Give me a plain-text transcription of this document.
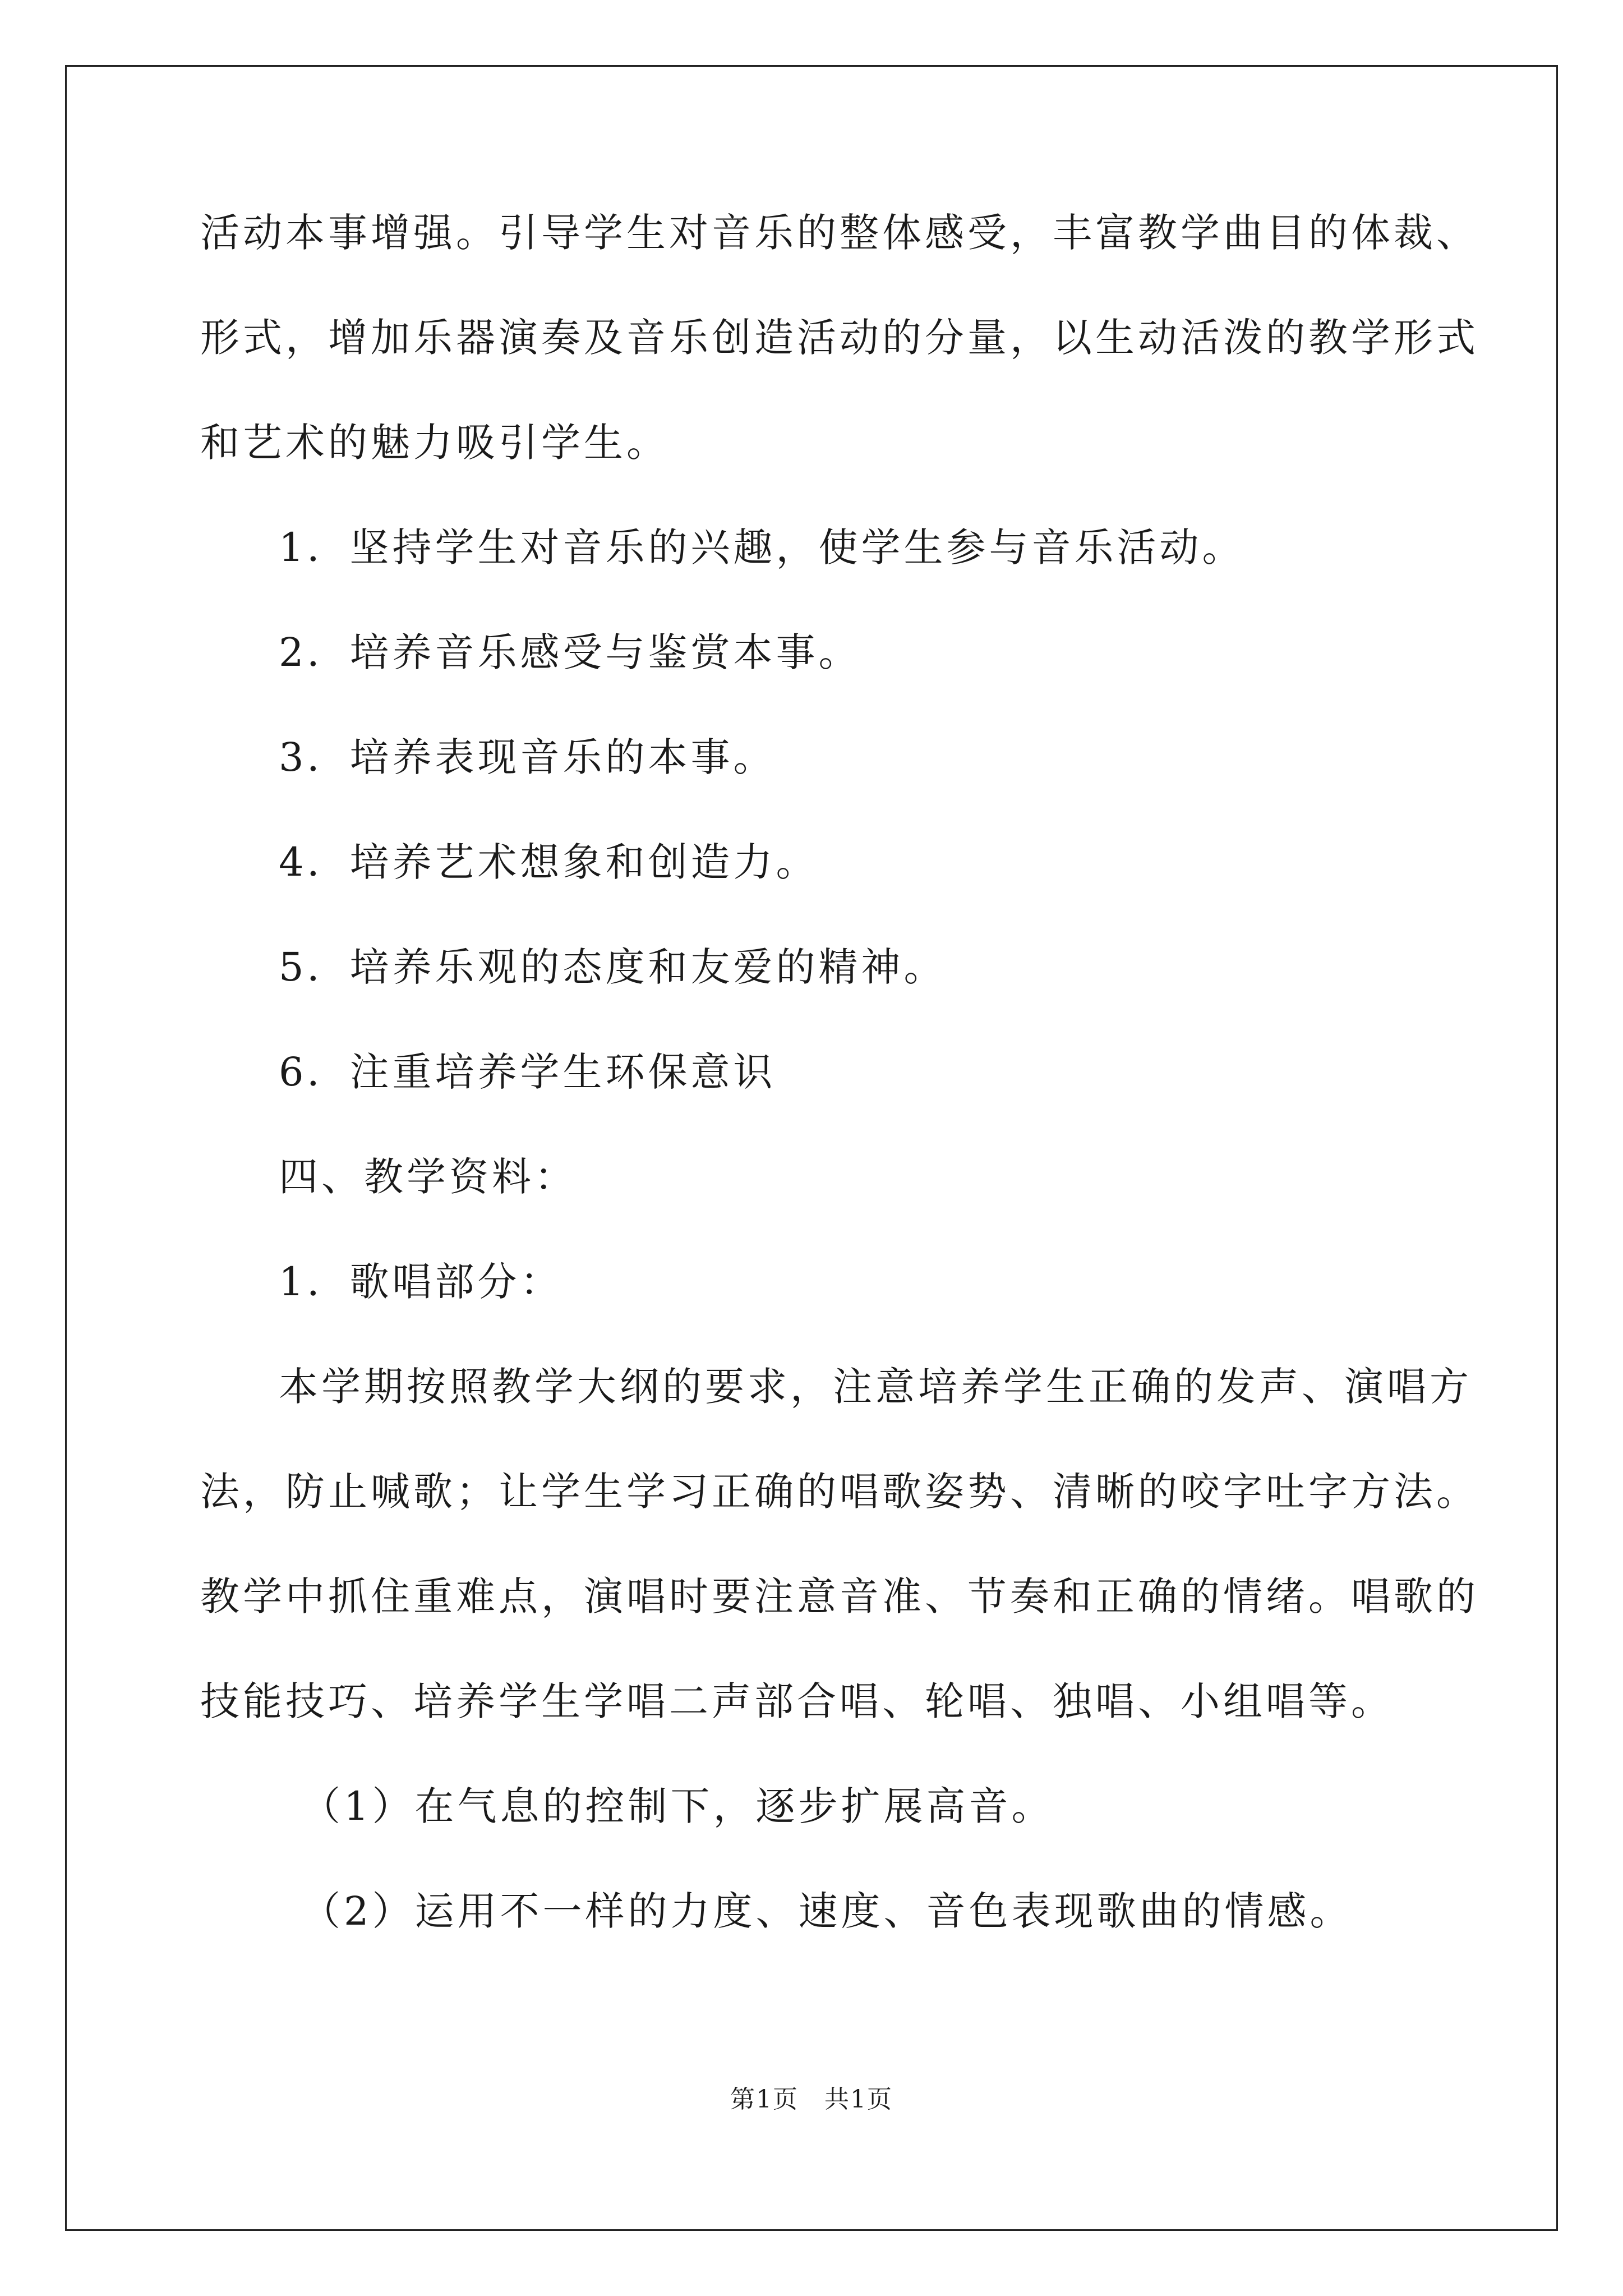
活动本事增强。引导学生对音乐的整体感受，丰富教学曲目的体裁、
形式，增加乐器演奏及音乐创造活动的分量，以生动活泼的教学形式
和艺术的魅力吸引学生。
1．坚持学生对音乐的兴趣，使学生参与音乐活动。
2．培养音乐感受与鉴赏本事。
3．培养表现音乐的本事。
4．培养艺术想象和创造力。
5．培养乐观的态度和友爱的精神。
6．注重培养学生环保意识
四、教学资料：
1．歌唱部分：
本学期按照教学大纲的要求，注意培养学生正确的发声、演唱方
法，防止喊歌；让学生学习正确的唱歌姿势、清晰的咬字吐字方法。
教学中抓住重难点，演唱时要注意音准、节奏和正确的情绪。唱歌的
技能技巧、培养学生学唱二声部合唱、轮唱、独唱、小组唱等。
（1）在气息的控制下，逐步扩展高音。
（2）运用不一样的力度、速度、音色表现歌曲的情感。
第1页　共1页
